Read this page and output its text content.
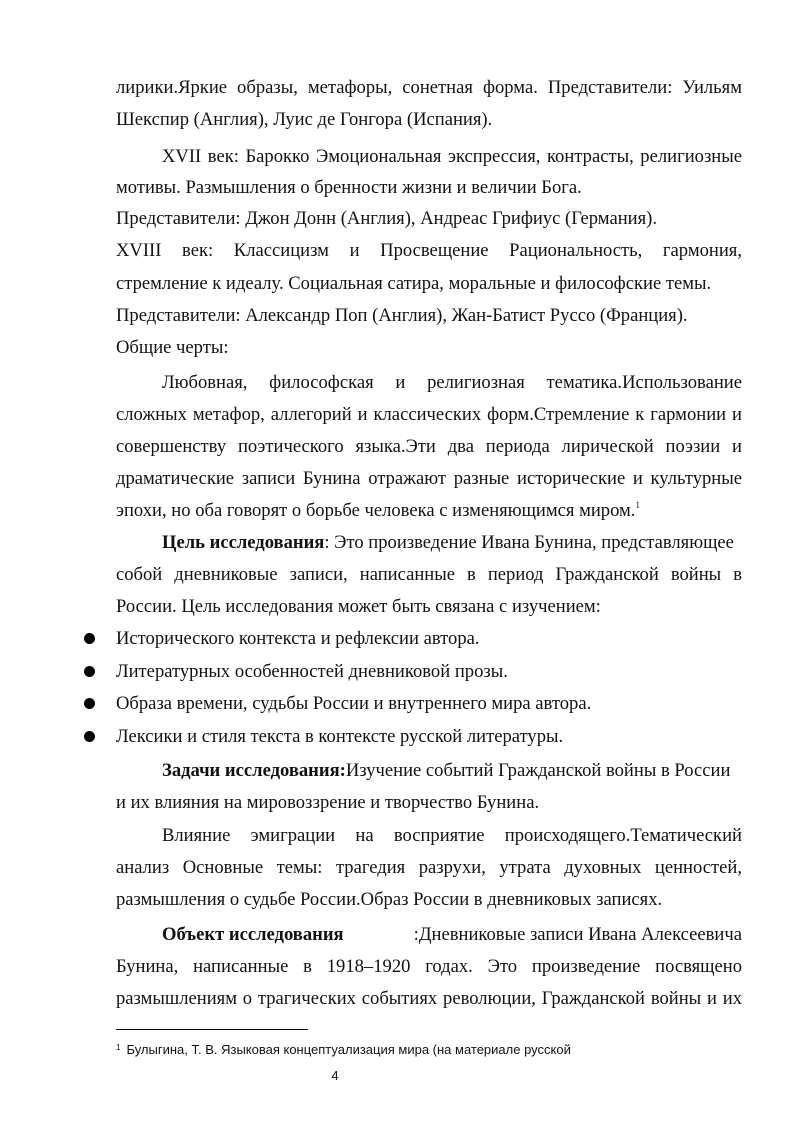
лирики.Яркие образы, метафоры, сонетная форма. Представители: Уильям
Шекспир (Англия), Луис де Гонгора (Испания).
XVII век: Барокко Эмоциональная экспрессия, контрасты, религиозные
мотивы. Размышления о бренности жизни и величии Бога.
Представители: Джон Донн (Англия), Андреас Грифиус (Германия).
XVIII век: Классицизм и Просвещение Рациональность, гармония,
стремление к идеалу. Социальная сатира, моральные и философские темы.
Представители: Александр Поп (Англия), Жан-Батист Руссо (Франция).
Общие черты:
Любовная, философская и религиозная тематика.Использование
сложных метафор, аллегорий и классических форм.Стремление к гармонии и
совершенству поэтического языка.Эти два периода лирической поэзии и
драматические записи Бунина отражают разные исторические и культурные
эпохи, но оба говорят о борьбе человека с изменяющимся миром.$^1$
Цель исследования: Это произведение Ивана Бунина, представляющее
собой дневниковые записи, написанные в период Гражданской войны в
России. Цель исследования может быть связана с изучением:
Исторического контекста и рефлексии автора.
Литературных особенностей дневниковой прозы.
Образа времени, судьбы России и внутреннего мира автора.
Лексики и стиля текста в контексте русской литературы.
Задачи исследования:Изучение событий Гражданской войны в России
и их влияния на мировоззрение и творчество Бунина.
Влияние эмиграции на восприятие происходящего.Тематический
анализ Основные темы: трагедия разрухи, утрата духовных ценностей,
размышления о судьбе России.Образ России в дневниковых записях.
Объект исследования	:Дневниковые записи Ивана Алексеевича
Бунина, написанные в 1918–1920 годах. Это произведение посвящено
размышлениям о трагических событиях революции, Гражданской войны и их
$^1$ Булыгина, Т. В. Языковая концептуализация мира (на материале русской
4
